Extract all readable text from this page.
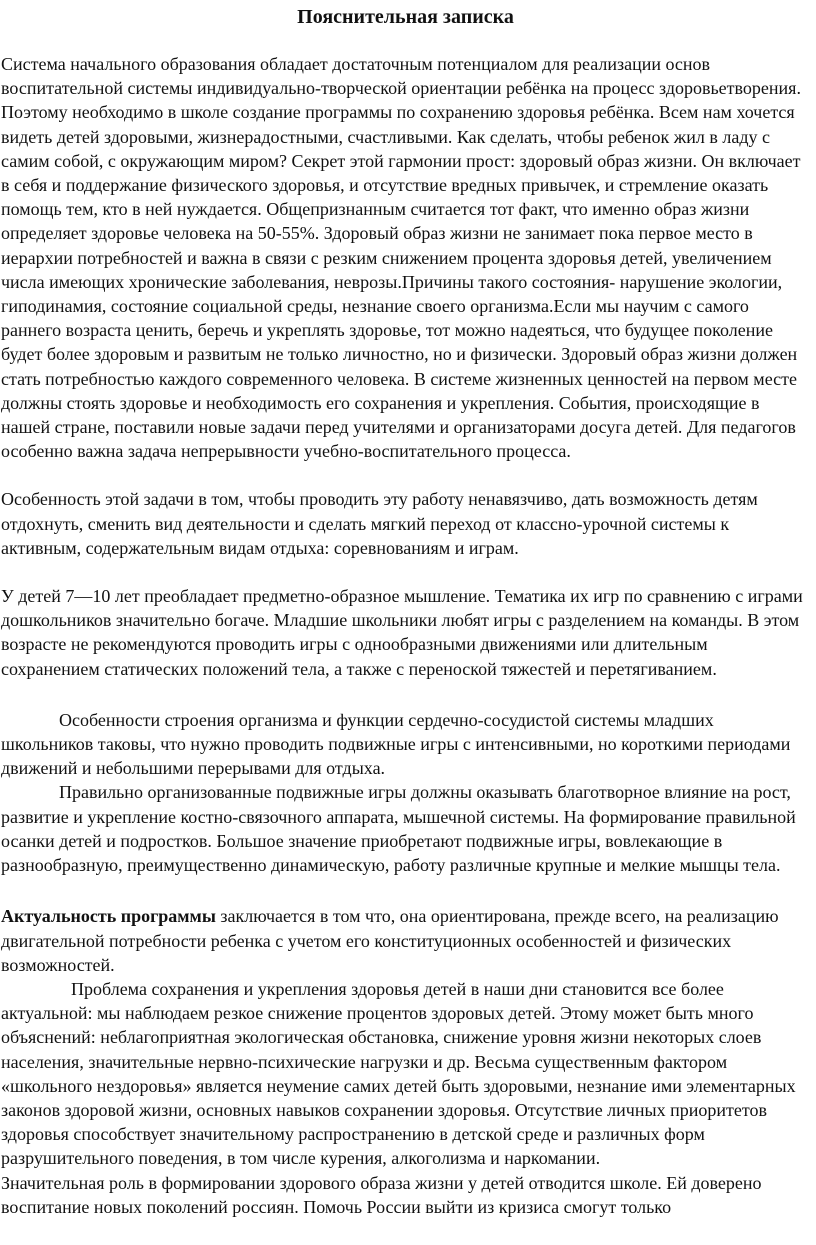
Пояснительная записка

Система начального образования обладает достаточным потенциалом для реализации основ воспитательной системы индивидуально-творческой ориентации ребёнка на процесс здоровьетворения. Поэтому необходимо в школе создание программы по сохранению здоровья ребёнка. Всем нам хочется видеть детей здоровыми, жизнерадостными, счастливыми. Как сделать, чтобы ребенок жил в ладу с самим собой, с окружающим миром? Секрет этой гармонии прост: здоровый образ жизни. Он включает в себя и поддержание физического здоровья, и отсутствие вредных привычек, и стремление оказать помощь тем, кто в ней нуждается. Общепризнанным считается тот факт, что именно образ жизни определяет здоровье человека на 50-55%. Здоровый образ жизни не занимает пока первое место в иерархии потребностей и важна в связи с резким снижением процента здоровья детей, увеличением числа имеющих хронические заболевания, неврозы.Причины такого состояния- нарушение экологии, гиподинамия, состояние социальной среды, незнание своего организма.Если мы научим с самого раннего возраста ценить, беречь и укреплять здоровье, тот можно надеяться, что будущее поколение будет более здоровым и развитым не только личностно, но и физически. Здоровый образ жизни должен стать потребностью каждого современного человека. В системе жизненных ценностей на первом месте должны стоять здоровье и необходимость его сохранения и укрепления. События, происходящие в нашей стране, поставили новые задачи перед учителями и организаторами досуга детей. Для педагогов особенно важна задача непрерывности учебно-воспитательного процесса.

Особенность этой задачи в том, чтобы проводить эту работу ненавязчиво, дать возможность детям отдохнуть, сменить вид деятельности и сделать мягкий переход от классно-урочной системы к активным, содержательным видам отдыха: соревнованиям и играм.

У детей 7—10 лет преобладает предметно-образное мышление. Тематика их игр по сравнению с играми дошкольников значительно богаче. Младшие школьники любят игры с разделением на команды. В этом возрасте не рекомендуются проводить игры с однообразными движениями или длительным сохранением статических положений тела, а также с переноской тяжестей и перетягиванием.

Особенности строения организма и функции сердечно-сосудистой системы младших школьников таковы, что нужно проводить подвижные игры с интенсивными, но короткими периодами движений и небольшими перерывами для отдыха.

Правильно организованные подвижные игры должны оказывать благотворное влияние на рост, развитие и укрепление костно-связочного аппарата, мышечной системы. На формирование правильной осанки детей и подростков. Большое значение приобретают подвижные игры, вовлекающие в разнообразную, преимущественно динамическую, работу различные крупные и мелкие мышцы тела.

Актуальность программы заключается в том что, она ориентирована, прежде всего, на реализацию двигательной потребности ребенка с учетом его конституционных особенностей и физических возможностей.

Проблема сохранения и укрепления здоровья детей в наши дни становится все более актуальной: мы наблюдаем резкое снижение процентов здоровых детей. Этому может быть много объяснений: неблагоприятная экологическая обстановка, снижение уровня жизни некоторых слоев населения, значительные нервно-психические нагрузки и др. Весьма существенным фактором «школьного нездоровья» является неумение самих детей быть здоровыми, незнание ими элементарных законов здоровой жизни, основных навыков сохранении здоровья. Отсутствие личных приоритетов здоровья способствует значительному распространению в детской среде и различных форм разрушительного поведения, в том числе курения, алкоголизма и наркомании.

Значительная роль в формировании здорового образа жизни у детей отводится школе. Ей доверено воспитание новых поколений россиян. Помочь России выйти из кризиса смогут только
